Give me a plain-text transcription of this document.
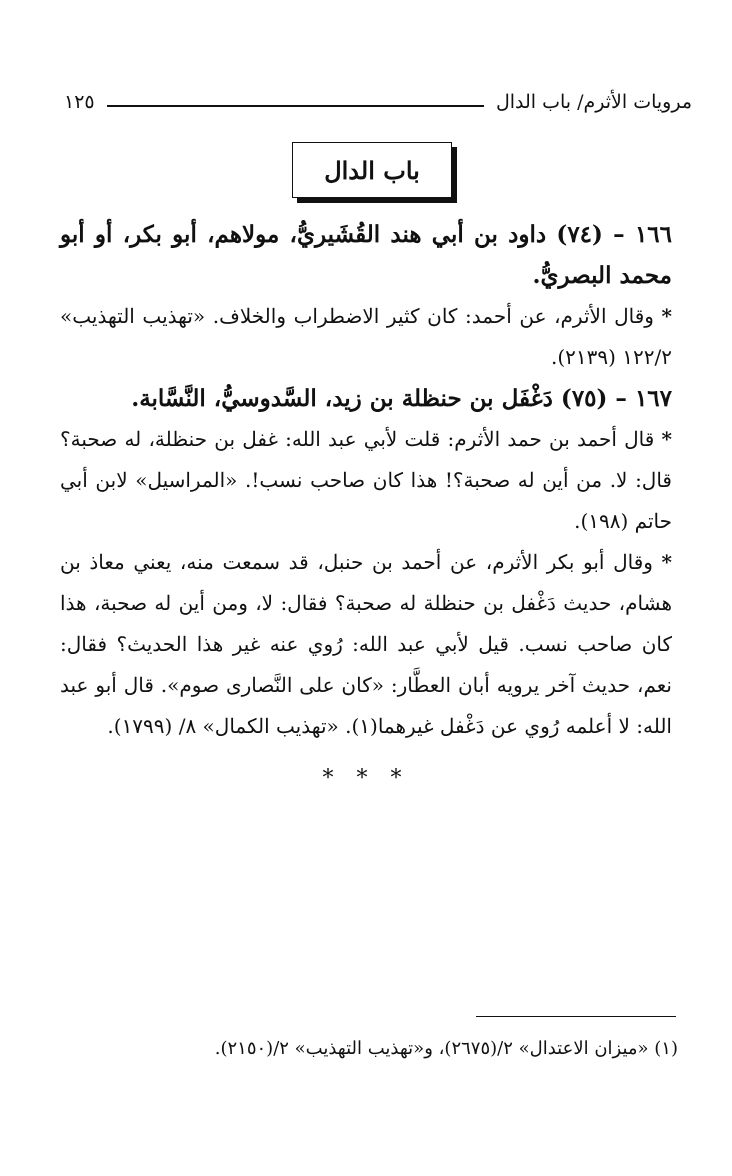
مرويات الأثرم/ باب الدال
١٢٥
باب الدال

١٦٦ – (٧٤) داود بن أبي هند القُشَيريُّ، مولاهم، أبو بكر، أو أبو محمد البصريُّ.

* وقال الأثرم، عن أحمد: كان كثير الاضطراب والخلاف. «تهذيب التهذيب» ١٢٢/٢ (٢١٣٩).

١٦٧ – (٧٥) دَغْفَل بن حنظلة بن زيد، السَّدوسيُّ، النَّسَّابة.

* قال أحمد بن حمد الأثرم: قلت لأبي عبد الله: غفل بن حنظلة، له صحبة؟ قال: لا. من أين له صحبة؟! هذا كان صاحب نسب!. «المراسيل» لابن أبي حاتم (١٩٨).

* وقال أبو بكر الأثرم، عن أحمد بن حنبل، قد سمعت منه، يعني معاذ بن هشام، حديث دَغْفل بن حنظلة له صحبة؟ فقال: لا، ومن أين له صحبة، هذا كان صاحب نسب. قيل لأبي عبد الله: رُوي عنه غير هذا الحديث؟ فقال: نعم، حديث آخر يرويه أبان العطَّار: «كان على النَّصارى صوم». قال أبو عبد الله: لا أعلمه رُوي عن دَغْفل غيرهما(١). «تهذيب الكمال» ٨/ (١٧٩٩).

* * *
(١) «ميزان الاعتدال» ٢/(٢٦٧٥)، و«تهذيب التهذيب» ٢/(٢١٥٠).
